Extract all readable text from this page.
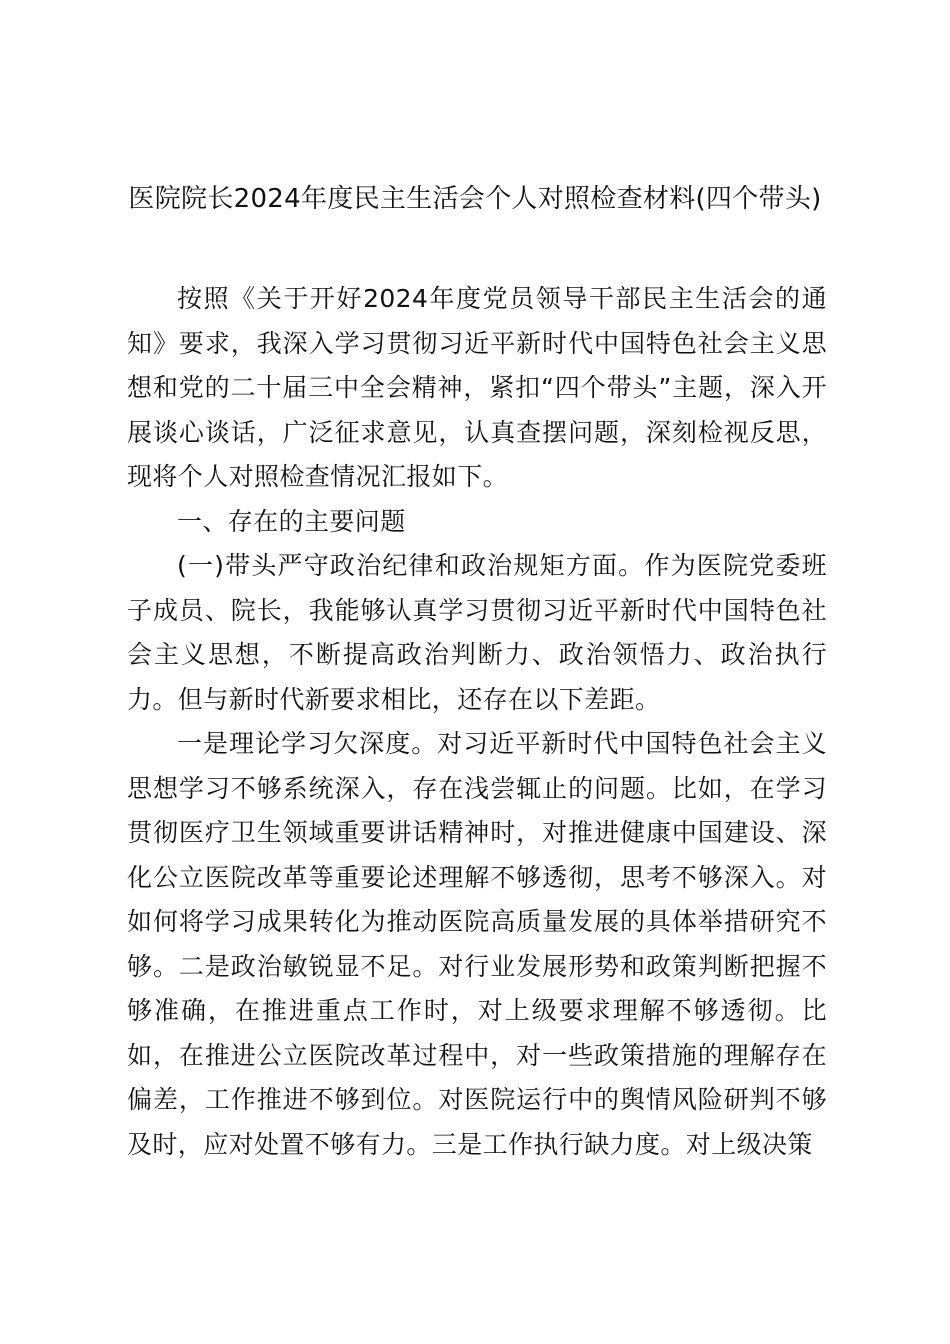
医院院长2024年度民主生活会个人对照检查材料(四个带头)

按照《关于开好2024年度党员领导干部民主生活会的通知》要求，我深入学习贯彻习近平新时代中国特色社会主义思想和党的二十届三中全会精神，紧扣“四个带头”主题，深入开展谈心谈话，广泛征求意见，认真查摆问题，深刻检视反思，现将个人对照检查情况汇报如下。

一、存在的主要问题

(一)带头严守政治纪律和政治规矩方面。作为医院党委班子成员、院长，我能够认真学习贯彻习近平新时代中国特色社会主义思想，不断提高政治判断力、政治领悟力、政治执行力。但与新时代新要求相比，还存在以下差距。

一是理论学习欠深度。对习近平新时代中国特色社会主义思想学习不够系统深入，存在浅尝辄止的问题。比如，在学习贯彻医疗卫生领域重要讲话精神时，对推进健康中国建设、深化公立医院改革等重要论述理解不够透彻，思考不够深入。对如何将学习成果转化为推动医院高质量发展的具体举措研究不够。二是政治敏锐显不足。对行业发展形势和政策判断把握不够准确，在推进重点工作时，对上级要求理解不够透彻。比如，在推进公立医院改革过程中，对一些政策措施的理解存在偏差，工作推进不够到位。对医院运行中的舆情风险研判不够及时，应对处置不够有力。三是工作执行缺力度。对上级决策
